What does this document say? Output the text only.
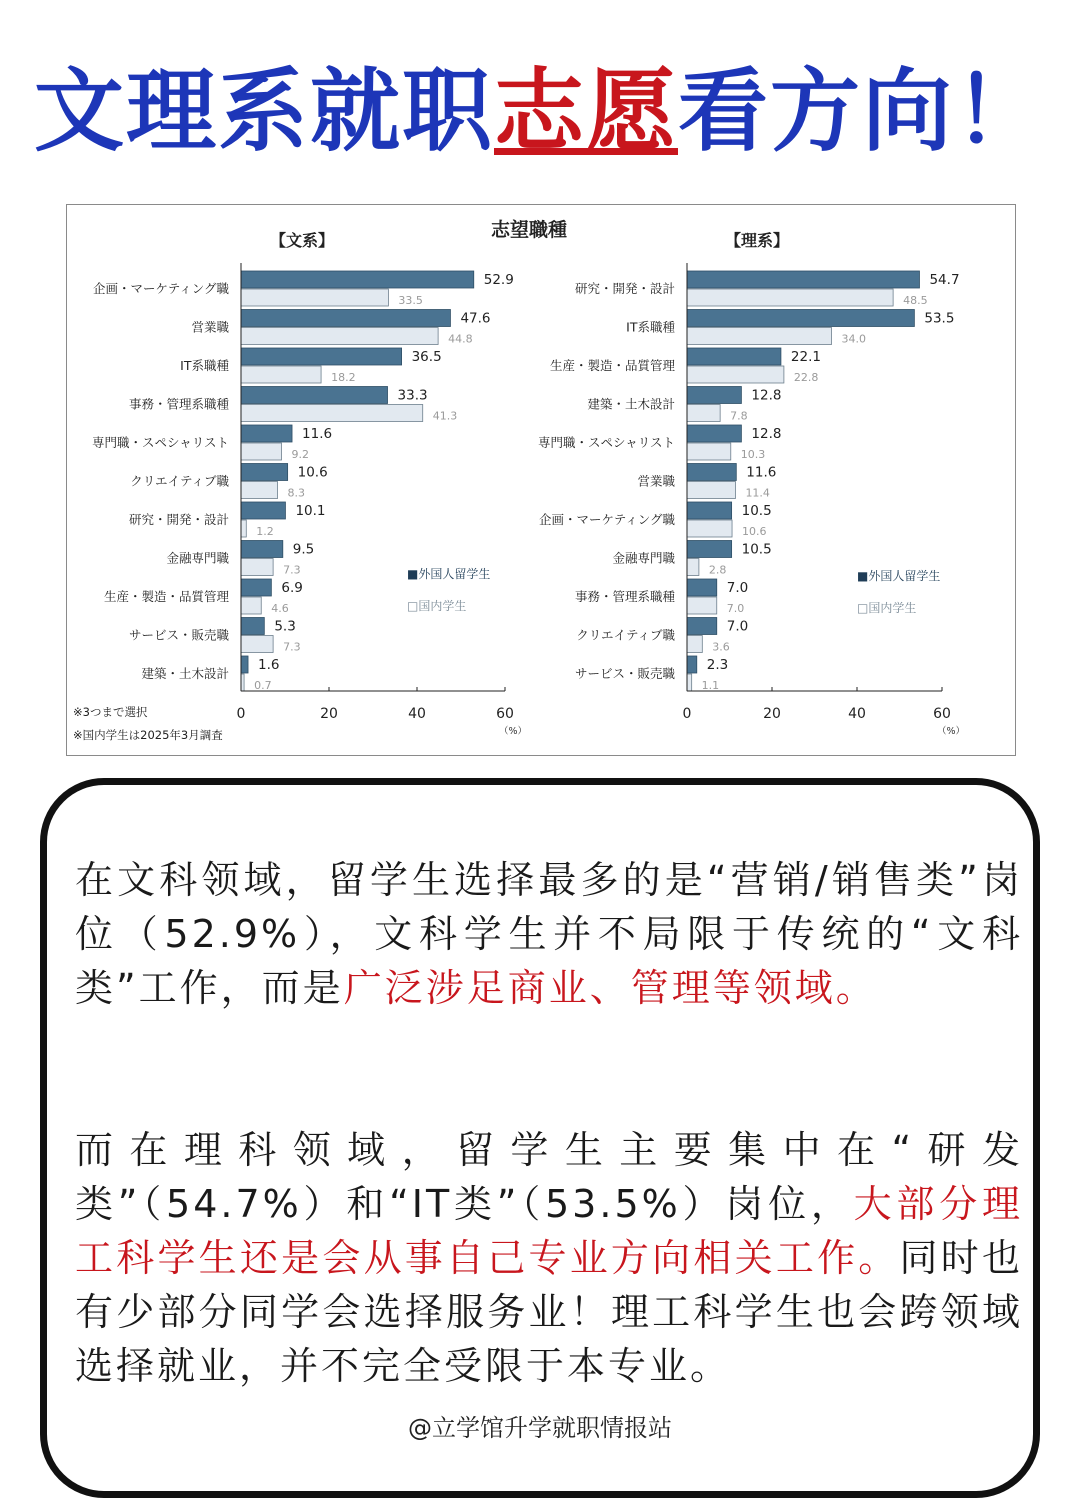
文理系就职志愿看方向！
志望職種
【文系】
企画・マーケティング職
52.9
33.5
営業職
47.6
44.8
IT系職種
36.5
18.2
事務・管理系職種
33.3
41.3
専門職・スペシャリスト
11.6
9.2
クリエイティブ職
10.6
8.3
研究・開発・設計
10.1
1.2
金融専門職
9.5
7.3
生産・製造・品質管理
6.9
4.6
サービス・販売職
5.3
7.3
建築・土木設計
1.6
0.7
0	20	40	60
（%）
■外国人留学生
□国内学生
※3つまで選択
※国内学生は2025年3月調査
【理系】
研究・開発・設計
54.7
48.5
IT系職種
53.5
34.0
生産・製造・品質管理
22.1
22.8
建築・土木設計
12.8
7.8
専門職・スペシャリスト
12.8
10.3
営業職
11.6
11.4
企画・マーケティング職
10.5
10.6
金融専門職
10.5
2.8
事務・管理系職種
7.0
7.0
クリエイティブ職
7.0
3.6
サービス・販売職
2.3
1.1
0	20	40	60
（%）
■外国人留学生
□国内学生

在文科领域，留学生选择最多的是“营销/销售类”岗位（52.9%），文科学生并不局限于传统的“文科类”工作，而是广泛涉足商业、管理等领域。

而在理科领域，留学生主要集中在“研发类”（54.7%）和“IT类”（53.5%）岗位，大部分理工科学生还是会从事自己专业方向相关工作。同时也有少部分同学会选择服务业！理工科学生也会跨领域选择就业，并不完全受限于本专业。

@立学馆升学就职情报站
